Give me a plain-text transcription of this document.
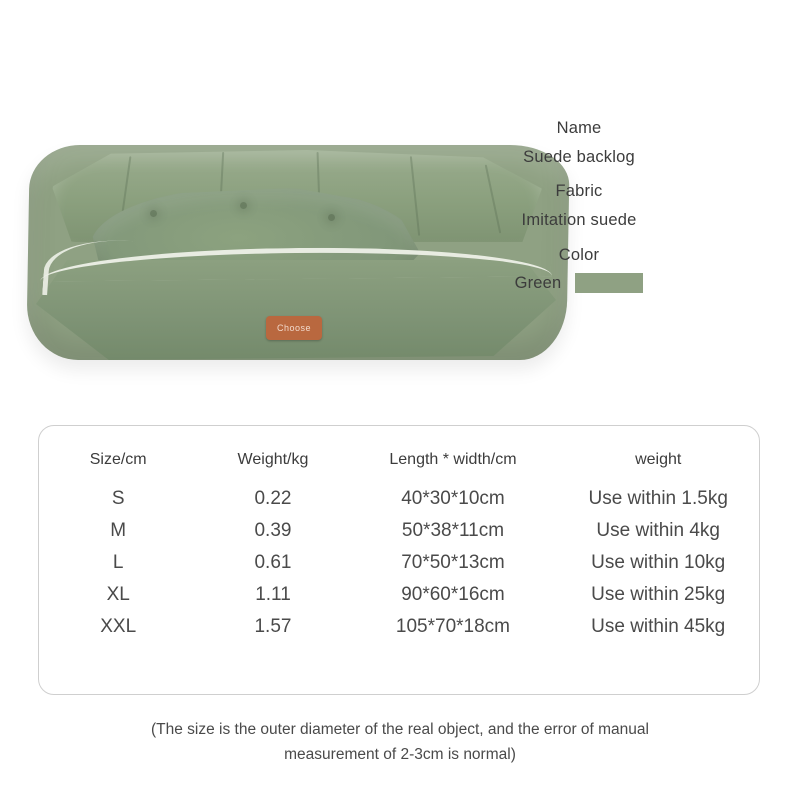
Choose
Name
Suede backlog
Fabric
Imitation suede
Color
Green
Size/cm	Weight/kg	Length * width/cm	weight
S	0.22	40*30*10cm	Use within 1.5kg
M	0.39	50*38*11cm	Use within 4kg
L	0.61	70*50*13cm	Use within 10kg
XL	1.11	90*60*16cm	Use within 25kg
XXL	1.57	105*70*18cm	Use within 45kg
(The size is the outer diameter of the real object, and the error of manual
measurement of 2-3cm is normal)
